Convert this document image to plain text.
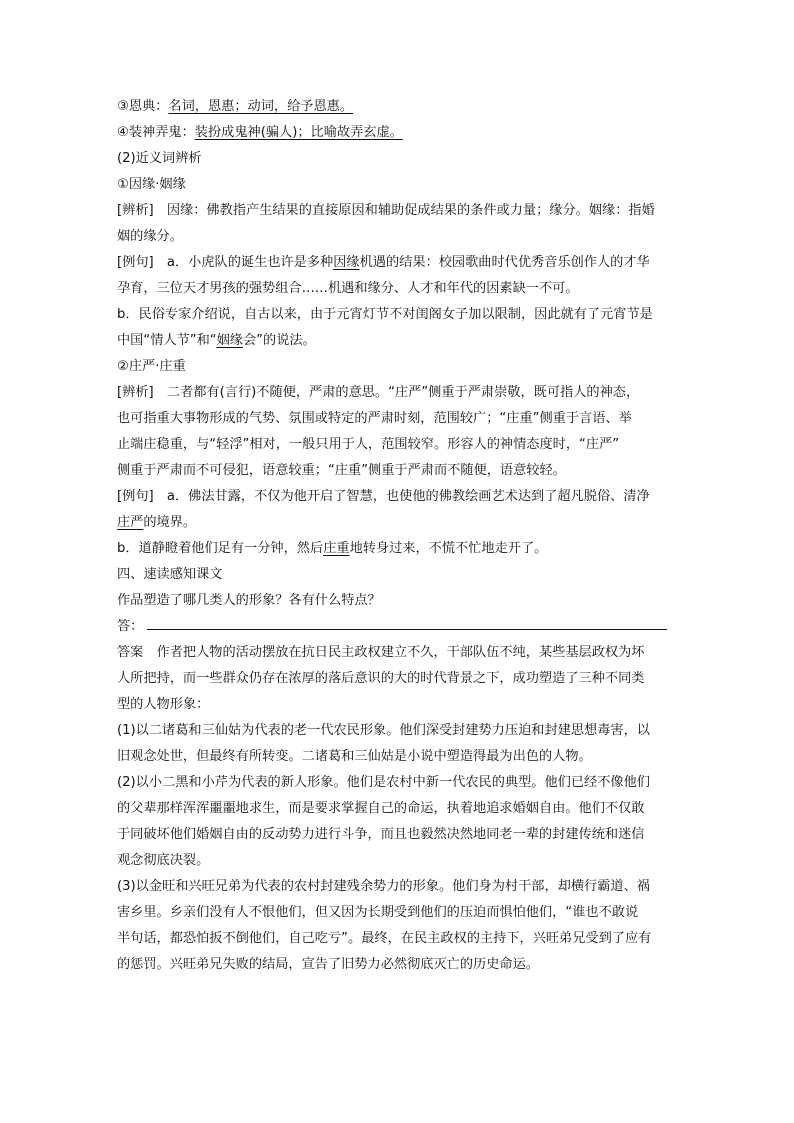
③恩典：名词，恩惠；动词，给予恩惠。
④装神弄鬼：装扮成鬼神(骗人)；比喻故弄玄虚。
(2)近义词辨析
①因缘·姻缘
[辨析]　因缘：佛教指产生结果的直接原因和辅助促成结果的条件或力量；缘分。姻缘：指婚
姻的缘分。
[例句]　a．小虎队的诞生也许是多种因缘机遇的结果：校园歌曲时代优秀音乐创作人的才华
孕育，三位天才男孩的强势组合……机遇和缘分、人才和年代的因素缺一不可。
b．民俗专家介绍说，自古以来，由于元宵灯节不对闺阁女子加以限制，因此就有了元宵节是
中国“情人节”和“姻缘会”的说法。
②庄严·庄重
[辨析]　二者都有(言行)不随便，严肃的意思。“庄严”侧重于严肃崇敬，既可指人的神态，
也可指重大事物形成的气势、氛围或特定的严肃时刻，范围较广；“庄重”侧重于言语、举
止端庄稳重，与“轻浮”相对，一般只用于人，范围较窄。形容人的神情态度时，“庄严”
侧重于严肃而不可侵犯，语意较重；“庄重”侧重于严肃而不随便，语意较轻。
[例句]　a．佛法甘露，不仅为他开启了智慧，也使他的佛教绘画艺术达到了超凡脱俗、清净
庄严的境界。
b．道静瞪着他们足有一分钟，然后庄重地转身过来，不慌不忙地走开了。
四、速读感知课文
作品塑造了哪几类人的形象？各有什么特点？
答：
答案　作者把人物的活动摆放在抗日民主政权建立不久，干部队伍不纯，某些基层政权为坏
人所把持，而一些群众仍存在浓厚的落后意识的大的时代背景之下，成功塑造了三种不同类
型的人物形象：
(1)以二诸葛和三仙姑为代表的老一代农民形象。他们深受封建势力压迫和封建思想毒害，以
旧观念处世，但最终有所转变。二诸葛和三仙姑是小说中塑造得最为出色的人物。
(2)以小二黑和小芹为代表的新人形象。他们是农村中新一代农民的典型。他们已经不像他们
的父辈那样浑浑噩噩地求生，而是要求掌握自己的命运，执着地追求婚姻自由。他们不仅敢
于同破坏他们婚姻自由的反动势力进行斗争，而且也毅然决然地同老一辈的封建传统和迷信
观念彻底决裂。
(3)以金旺和兴旺兄弟为代表的农村封建残余势力的形象。他们身为村干部，却横行霸道、祸
害乡里。乡亲们没有人不恨他们，但又因为长期受到他们的压迫而惧怕他们，“谁也不敢说
半句话，都恐怕扳不倒他们，自己吃亏”。最终，在民主政权的主持下，兴旺弟兄受到了应有
的惩罚。兴旺弟兄失败的结局，宣告了旧势力必然彻底灭亡的历史命运。
